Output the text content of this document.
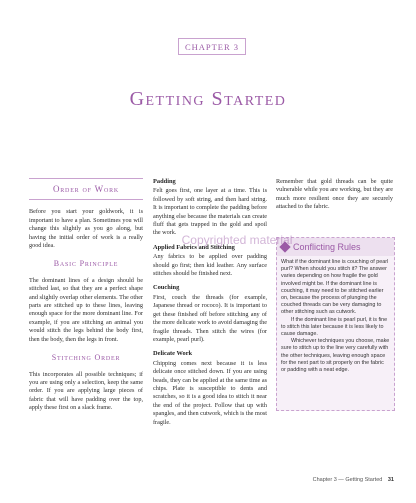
CHAPTER 3
Getting Started
Order of Work

Before you start your goldwork, it is important to have a plan. Sometimes you will change this slightly as you go along, but having the initial order of work is a really good idea.

Basic Principle

The dominant lines of a design should be stitched last, so that they are a perfect shape and slightly overlap other elements. The other parts are stitched up to these lines, leaving enough space for the more dominant line. For example, if you are stitching an animal you would stitch the legs behind the body first, then the body, then the legs in front.

Stitching Order

This incorporates all possible techniques; if you are using only a selection, keep the same order. If you are applying large pieces of fabric that will have padding over the top, apply these first on a slack frame.

Padding

Felt goes first, one layer at a time. This is followed by soft string, and then hard string. It is important to complete the padding before anything else because the materials can create fluff that gets trapped in the gold and spoil the work.

Applied Fabrics and Stitching

Any fabrics to be applied over padding should go first; then kid leather. Any surface stitches should be finished next.

Couching

First, couch the threads (for example, Japanese thread or rococo). It is important to get these finished off before stitching any of the more delicate work to avoid damaging the fragile threads. Then stitch the wires (for example, pearl purl).

Delicate Work

Chipping comes next because it is less delicate once stitched down. If you are using beads, they can be applied at the same time as chips. Plate is susceptible to dents and scratches, so it is a good idea to stitch it near the end of the project. Follow that up with spangles, and then cutwork, which is the most fragile.

Remember that gold threads can be quite vulnerable while you are working, but they are much more resilient once they are securely attached to the fabric.

Conflicting Rules

What if the dominant line is couching of pearl purl? When should you stitch it? The answer varies depending on how fragile the gold involved might be. If the dominant line is couching, it may need to be stitched earlier on, because the process of plunging the couched threads can be very damaging to other stitching such as cutwork.

If the dominant line is pearl purl, it is fine to stitch this later because it is less likely to cause damage.

Whichever techniques you choose, make sure to stitch up to the line very carefully with the other techniques, leaving enough space for the next part to sit properly on the fabric or padding with a neat edge.

Copyrighted material
Chapter 3 — Getting Started 31
